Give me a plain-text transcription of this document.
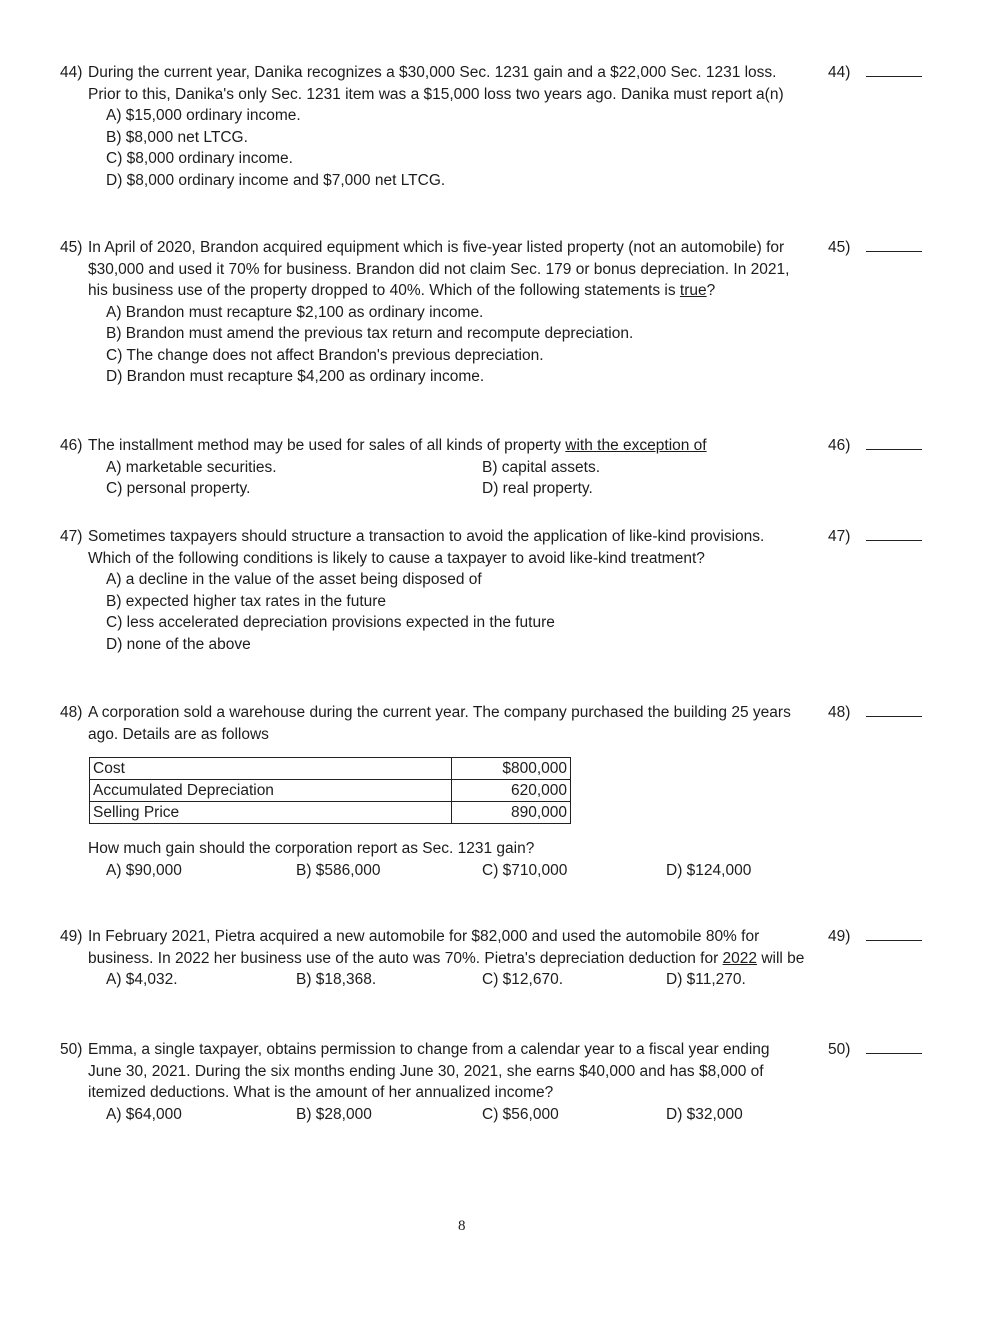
44) During the current year, Danika recognizes a $30,000 Sec. 1231 gain and a $22,000 Sec. 1231 loss. Prior to this, Danika's only Sec. 1231 item was a $15,000 loss two years ago. Danika must report a(n)
A) $15,000 ordinary income.
B) $8,000 net LTCG.
C) $8,000 ordinary income.
D) $8,000 ordinary income and $7,000 net LTCG.
44)
45) In April of 2020, Brandon acquired equipment which is five-year listed property (not an automobile) for $30,000 and used it 70% for business. Brandon did not claim Sec. 179 or bonus depreciation. In 2021, his business use of the property dropped to 40%. Which of the following statements is true?
A) Brandon must recapture $2,100 as ordinary income.
B) Brandon must amend the previous tax return and recompute depreciation.
C) The change does not affect Brandon's previous depreciation.
D) Brandon must recapture $4,200 as ordinary income.
45)
46) The installment method may be used for sales of all kinds of property with the exception of
A) marketable securities.	B) capital assets.
C) personal property.	D) real property.
46)
47) Sometimes taxpayers should structure a transaction to avoid the application of like-kind provisions. Which of the following conditions is likely to cause a taxpayer to avoid like-kind treatment?
A) a decline in the value of the asset being disposed of
B) expected higher tax rates in the future
C) less accelerated depreciation provisions expected in the future
D) none of the above
47)
48) A corporation sold a warehouse during the current year. The company purchased the building 25 years ago. Details are as follows
Cost	$800,000
Accumulated Depreciation	620,000
Selling Price	890,000
How much gain should the corporation report as Sec. 1231 gain?
A) $90,000	B) $586,000	C) $710,000	D) $124,000
48)
49) In February 2021, Pietra acquired a new automobile for $82,000 and used the automobile 80% for business. In 2022 her business use of the auto was 70%. Pietra's depreciation deduction for 2022 will be
A) $4,032.	B) $18,368.	C) $12,670.	D) $11,270.
49)
50) Emma, a single taxpayer, obtains permission to change from a calendar year to a fiscal year ending June 30, 2021. During the six months ending June 30, 2021, she earns $40,000 and has $8,000 of itemized deductions. What is the amount of her annualized income?
A) $64,000	B) $28,000	C) $56,000	D) $32,000
50)
8
